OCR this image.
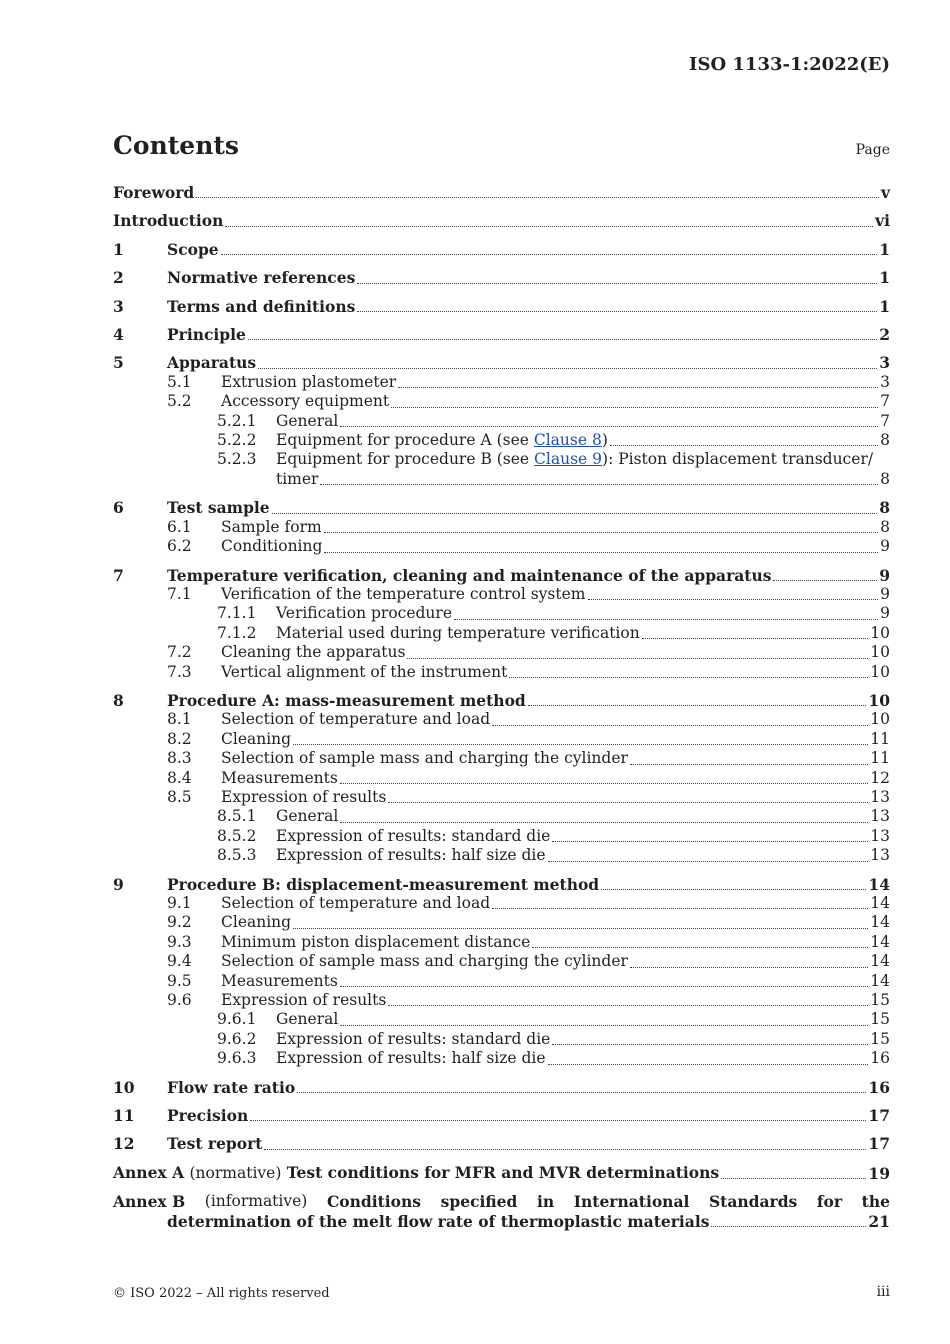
ISO 1133-1:2022(E)
Contents	Page
Foreword	v
Introduction	vi
1	Scope	1
2	Normative references	1
3	Terms and definitions	1
4	Principle	2
5	Apparatus	3
5.1	Extrusion plastometer	3
5.2	Accessory equipment	7
5.2.1	General	7
5.2.2	Equipment for procedure A (see Clause 8)	8
5.2.3	Equipment for procedure B (see Clause 9): Piston displacement transducer/
timer	8
6	Test sample	8
6.1	Sample form	8
6.2	Conditioning	9
7	Temperature verification, cleaning and maintenance of the apparatus	9
7.1	Verification of the temperature control system	9
7.1.1	Verification procedure	9
7.1.2	Material used during temperature verification	10
7.2	Cleaning the apparatus	10
7.3	Vertical alignment of the instrument	10
8	Procedure A: mass-measurement method	10
8.1	Selection of temperature and load	10
8.2	Cleaning	11
8.3	Selection of sample mass and charging the cylinder	11
8.4	Measurements	12
8.5	Expression of results	13
8.5.1	General	13
8.5.2	Expression of results: standard die	13
8.5.3	Expression of results: half size die	13
9	Procedure B: displacement-measurement method	14
9.1	Selection of temperature and load	14
9.2	Cleaning	14
9.3	Minimum piston displacement distance	14
9.4	Selection of sample mass and charging the cylinder	14
9.5	Measurements	14
9.6	Expression of results	15
9.6.1	General	15
9.6.2	Expression of results: standard die	15
9.6.3	Expression of results: half size die	16
10	Flow rate ratio	16
11	Precision	17
12	Test report	17
Annex A (normative) Test conditions for MFR and MVR determinations	19
Annex B (informative) Conditions specified in International Standards for the
determination of the melt flow rate of thermoplastic materials	21
© ISO 2022 – All rights reserved	iii
